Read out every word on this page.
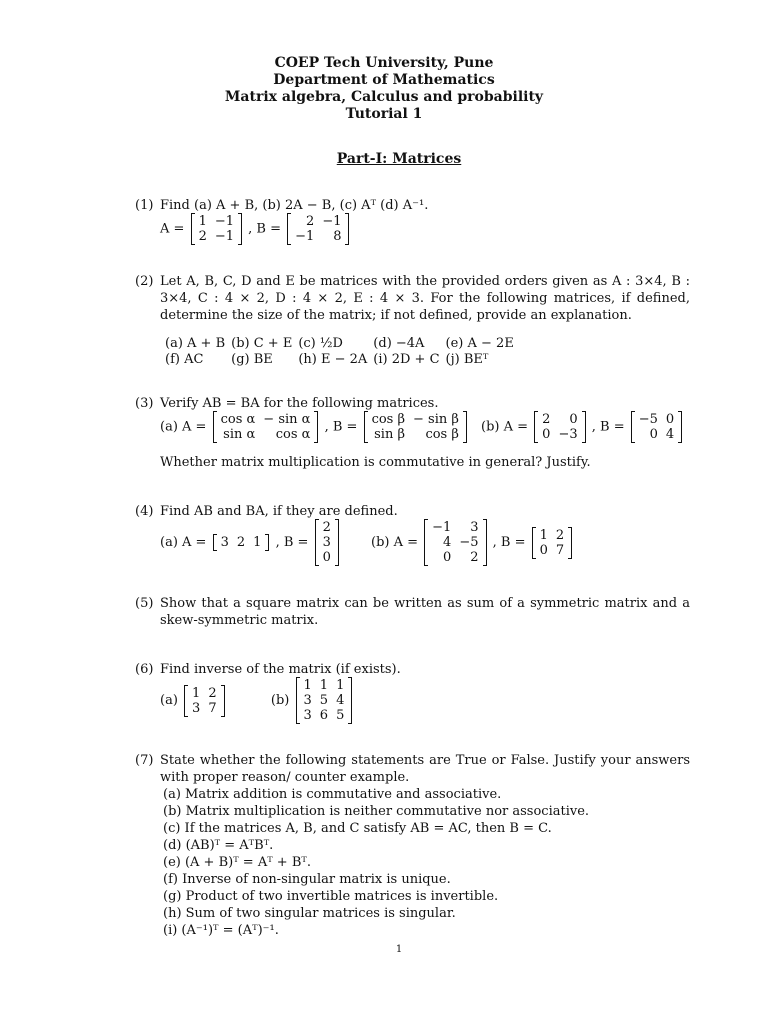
COEP Tech University, Pune
Department of Mathematics
Matrix algebra, Calculus and probability
Tutorial 1
Part-I: Matrices
(1) Find (a) A + B, (b) 2A − B, (c) Aᵀ (d) A⁻¹.
A = 1	−1
2	−1 , B = 2	−1
−1	8
(2) Let A, B, C, D and E be matrices with the provided orders given as A : 3×4, B : 3×4, C : 4 × 2, D : 4 × 2, E : 4 × 3. For the following matrices, if defined, determine the size of the matrix; if not defined, provide an explanation.
(a) A + B	(b) C + E	(c) ½D	(d) −4A	(e) A − 2E
(f) AC	(g) BE	(h) E − 2A	(i) 2D + C	(j) BEᵀ
(3) Verify AB = BA for the following matrices.
(a) A = cos α	− sin α
sin α	cos α , B = cos β	− sin β
sin β	cos β (b) A = 2	0
0	−3 , B = −5	0
0	4
Whether matrix multiplication is commutative in general? Justify.
(4) Find AB and BA, if they are defined.
(a) A = 3	2	1 , B =
2
3
0
(b) A =
−1	3
4	−5
0	2
, B = 1	2
0	7
(5) Show that a square matrix can be written as sum of a symmetric matrix and a skew-symmetric matrix.
(6) Find inverse of the matrix (if exists).
(a) 1	2
3	7	(b)
1	1	1
3	5	4
3	6	5
(7) State whether the following statements are True or False. Justify your answers with proper reason/ counter example.
(a) Matrix addition is commutative and associative.
(b) Matrix multiplication is neither commutative nor associative.
(c) If the matrices A, B, and C satisfy AB = AC, then B = C.
(d) (AB)ᵀ = AᵀBᵀ.
(e) (A + B)ᵀ = Aᵀ + Bᵀ.
(f) Inverse of non-singular matrix is unique.
(g) Product of two invertible matrices is invertible.
(h) Sum of two singular matrices is singular.
(i) (A⁻¹)ᵀ = (Aᵀ)⁻¹.
1
